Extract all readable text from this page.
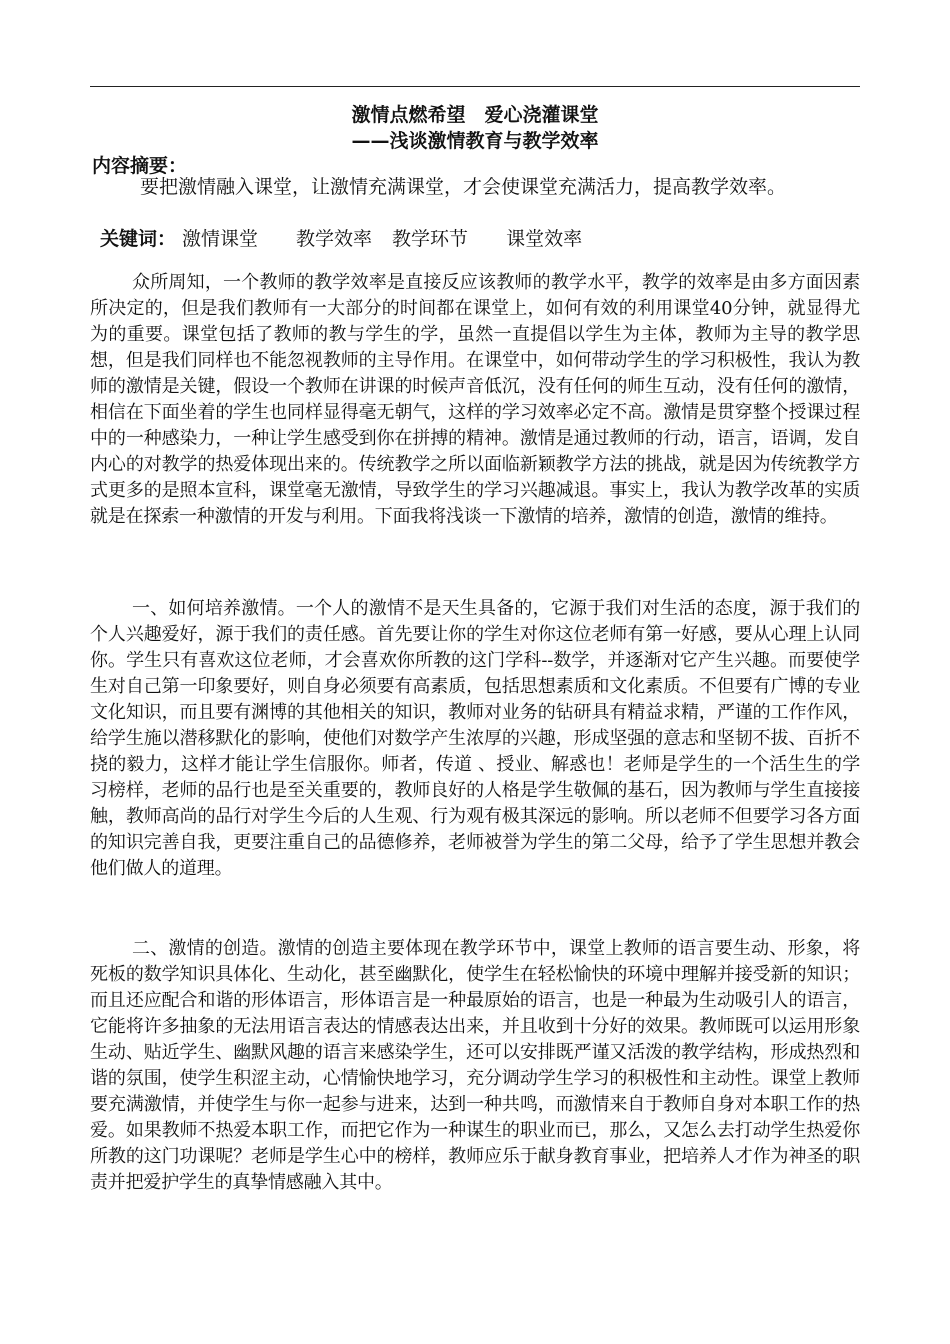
激情点燃希望　爱心浇灌课堂
——浅谈激情教育与教学效率
内容摘要：
要把激情融入课堂，让激情充满课堂，才会使课堂充满活力，提高教学效率。
关键词： 激情课堂 教学效率 教学环节 课堂效率
众所周知，一个教师的教学效率是直接反应该教师的教学水平，教学的效率是由多方面因素所决定的，但是我们教师有一大部分的时间都在课堂上，如何有效的利用课堂40分钟，就显得尤为的重要。课堂包括了教师的教与学生的学，虽然一直提倡以学生为主体，教师为主导的教学思想，但是我们同样也不能忽视教师的主导作用。在课堂中，如何带动学生的学习积极性，我认为教师的激情是关键，假设一个教师在讲课的时候声音低沉，没有任何的师生互动，没有任何的激情，相信在下面坐着的学生也同样显得毫无朝气，这样的学习效率必定不高。激情是贯穿整个授课过程中的一种感染力，一种让学生感受到你在拼搏的精神。激情是通过教师的行动，语言，语调，发自内心的对教学的热爱体现出来的。传统教学之所以面临新颖教学方法的挑战，就是因为传统教学方式更多的是照本宣科，课堂毫无激情，导致学生的学习兴趣减退。事实上，我认为教学改革的实质就是在探索一种激情的开发与利用。下面我将浅谈一下激情的培养，激情的创造，激情的维持。
一、如何培养激情。一个人的激情不是天生具备的，它源于我们对生活的态度，源于我们的个人兴趣爱好，源于我们的责任感。首先要让你的学生对你这位老师有第一好感，要从心理上认同你。学生只有喜欢这位老师，才会喜欢你所教的这门学科--数学，并逐渐对它产生兴趣。而要使学生对自己第一印象要好，则自身必须要有高素质，包括思想素质和文化素质。不但要有广博的专业文化知识，而且要有渊博的其他相关的知识，教师对业务的钻研具有精益求精，严谨的工作作风，给学生施以潜移默化的影响，使他们对数学产生浓厚的兴趣，形成坚强的意志和坚韧不拔、百折不挠的毅力，这样才能让学生信服你。师者，传道 、授业、解惑也！老师是学生的一个活生生的学习榜样，老师的品行也是至关重要的，教师良好的人格是学生敬佩的基石，因为教师与学生直接接触，教师高尚的品行对学生今后的人生观、行为观有极其深远的影响。所以老师不但要学习各方面的知识完善自我，更要注重自己的品德修养，老师被誉为学生的第二父母，给予了学生思想并教会他们做人的道理。
二、激情的创造。激情的创造主要体现在教学环节中，课堂上教师的语言要生动、形象，将死板的数学知识具体化、生动化，甚至幽默化，使学生在轻松愉快的环境中理解并接受新的知识；而且还应配合和谐的形体语言，形体语言是一种最原始的语言，也是一种最为生动吸引人的语言，它能将许多抽象的无法用语言表达的情感表达出来，并且收到十分好的效果。教师既可以运用形象生动、贴近学生、幽默风趣的语言来感染学生，还可以安排既严谨又活泼的教学结构，形成热烈和谐的氛围，使学生积涩主动，心情愉快地学习，充分调动学生学习的积极性和主动性。课堂上教师要充满激情，并使学生与你一起参与进来，达到一种共鸣，而激情来自于教师自身对本职工作的热爱。如果教师不热爱本职工作，而把它作为一种谋生的职业而已，那么，又怎么去打动学生热爱你所教的这门功课呢？老师是学生心中的榜样，教师应乐于献身教育事业，把培养人才作为神圣的职责并把爱护学生的真挚情感融入其中。
